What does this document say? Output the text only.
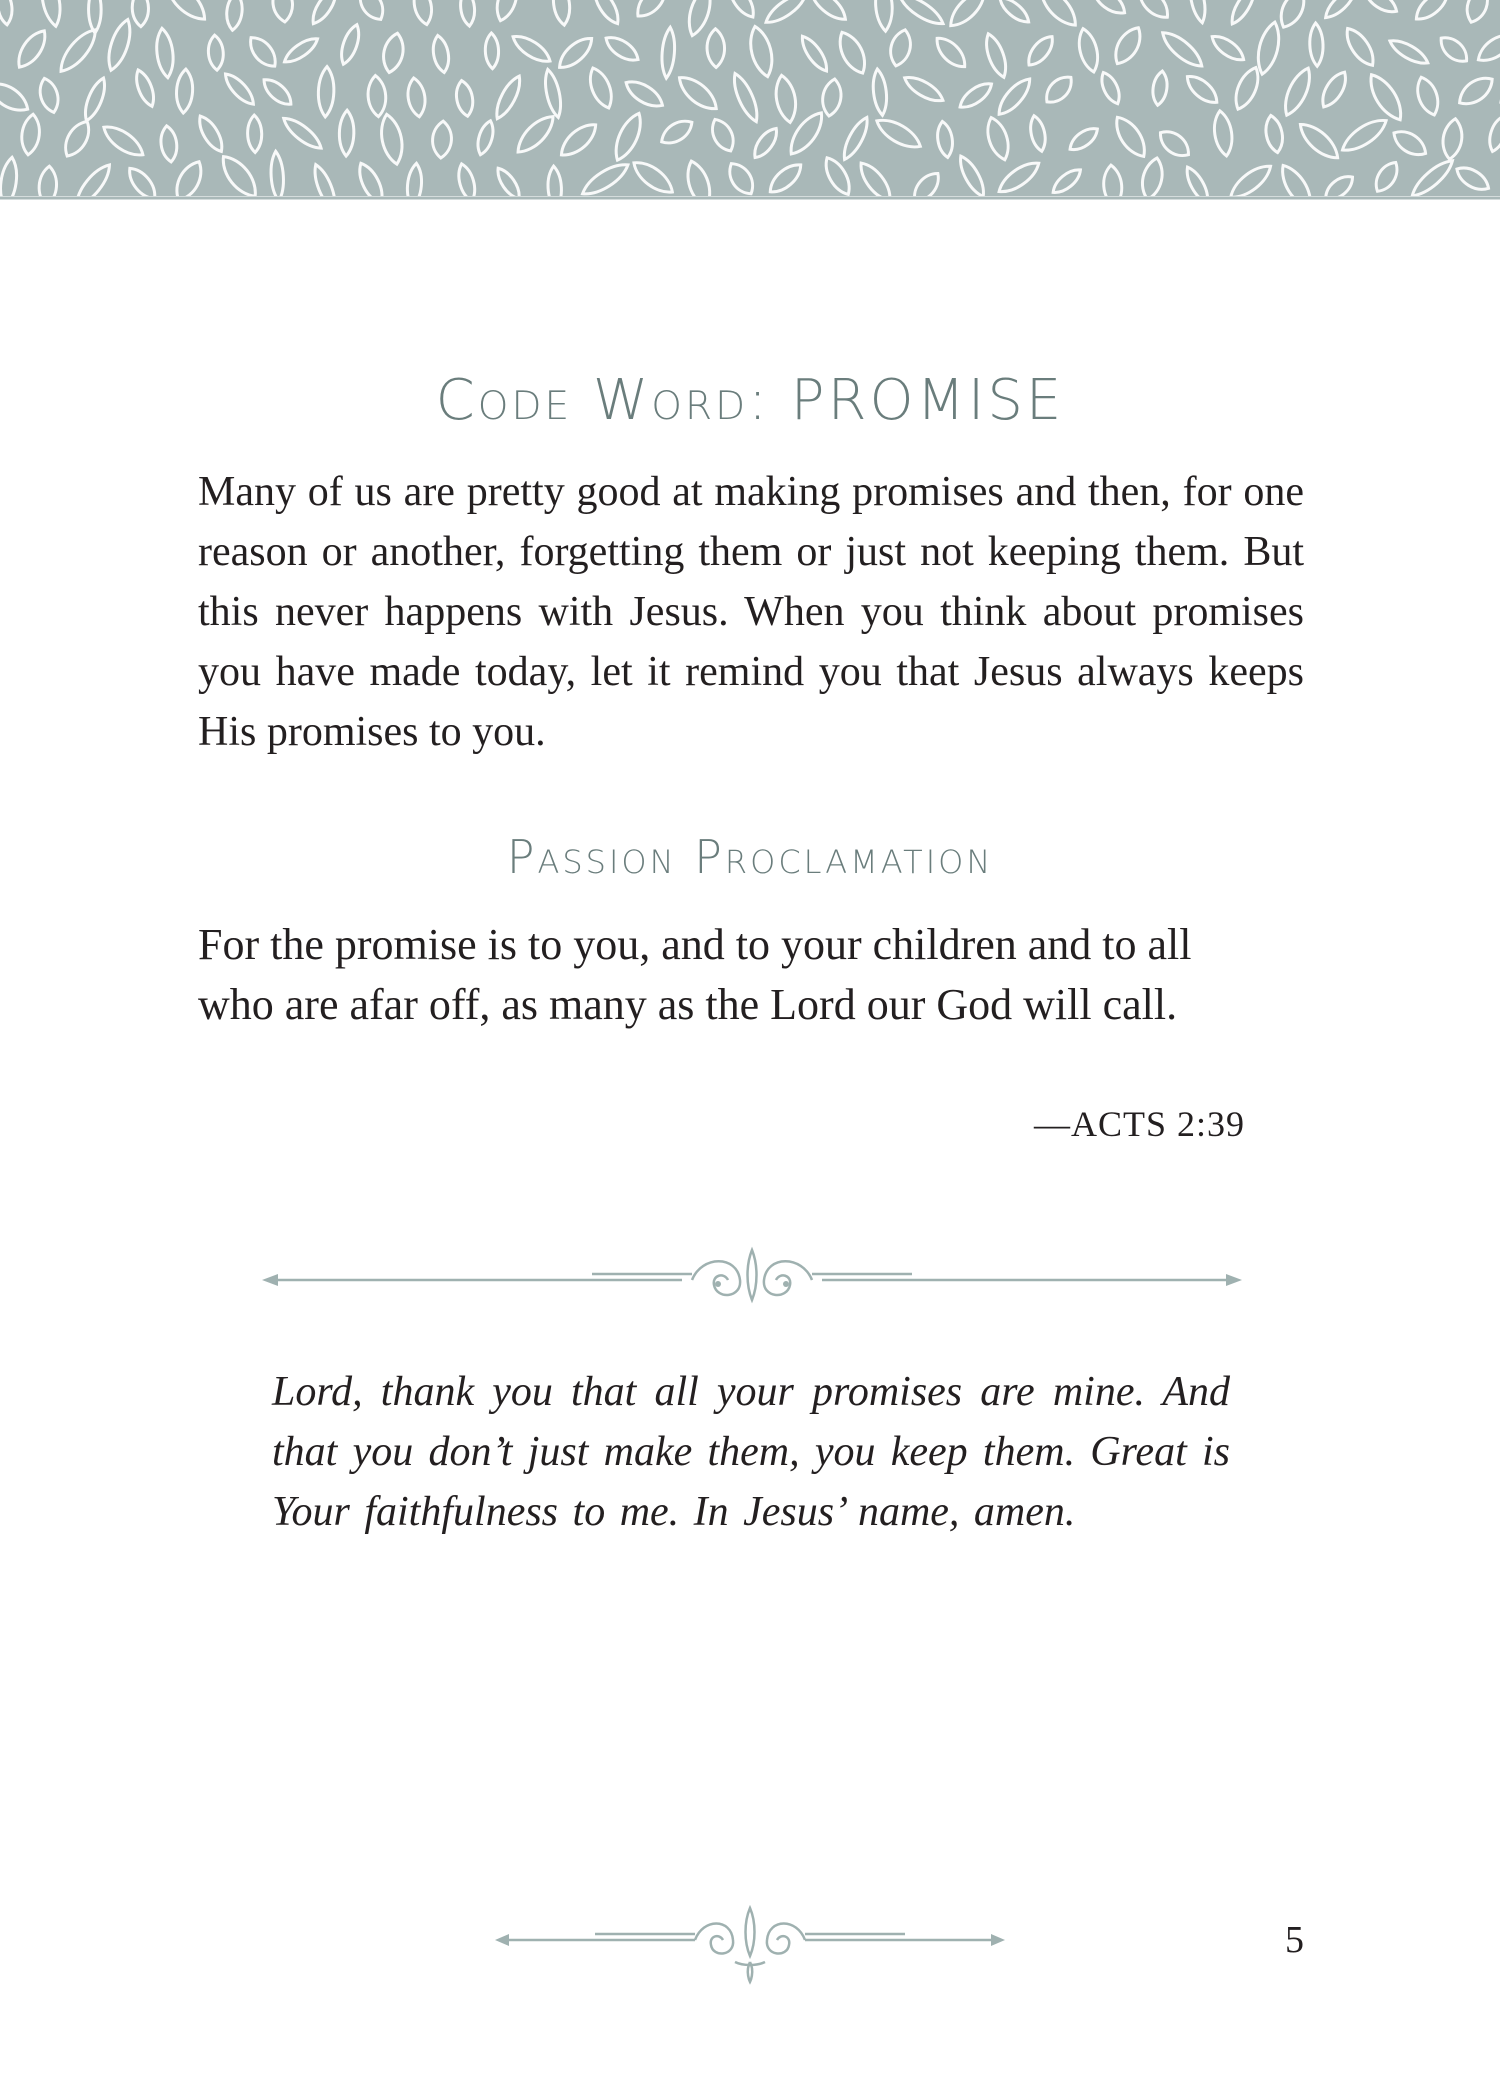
Code Word: PROMISE

Many of us are pretty good at making promises and then, for one reason or another, forgetting them or just not keeping them. But this never happens with Jesus. When you think about promises you have made today, let it remind you that Jesus always keeps His promises to you.

Passion Proclamation

For the promise is to you, and to your children and to all who are afar off, as many as the Lord our God will call.

—ACTS 2:39

Lord, thank you that all your promises are mine. And that you don’t just make them, you keep them. Great is Your faithfulness to me. In Jesus’ name, amen.

5
